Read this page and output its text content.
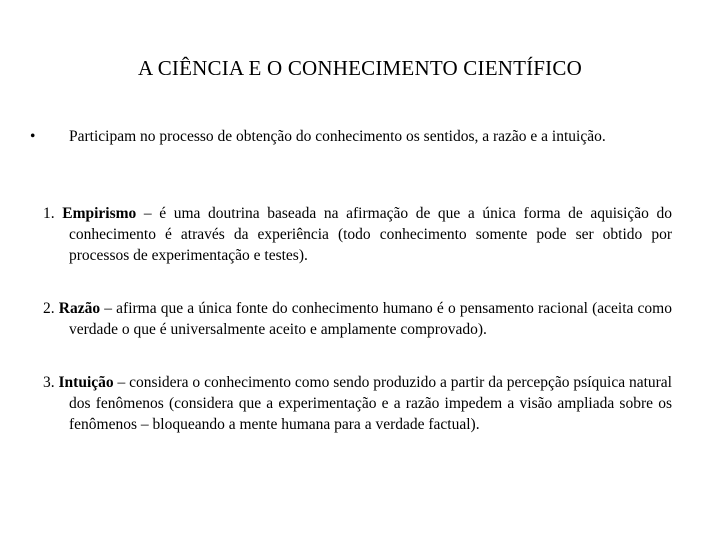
A CIÊNCIA E O CONHECIMENTO CIENTÍFICO
•	Participam no processo de obtenção do conhecimento os sentidos, a razão e a intuição.
1. Empirismo – é uma doutrina baseada na afirmação de que a única forma de aquisição do conhecimento é através da experiência (todo conhecimento somente pode ser obtido por processos de experimentação e testes).
2. Razão – afirma que a única fonte do conhecimento humano é o pensamento racional (aceita como verdade o que é universalmente aceito e amplamente comprovado).
3. Intuição – considera o conhecimento como sendo produzido a partir da percepção psíquica natural dos fenômenos (considera que a experimentação e a razão impedem a visão ampliada sobre os fenômenos – bloqueando a mente humana para a verdade factual).
